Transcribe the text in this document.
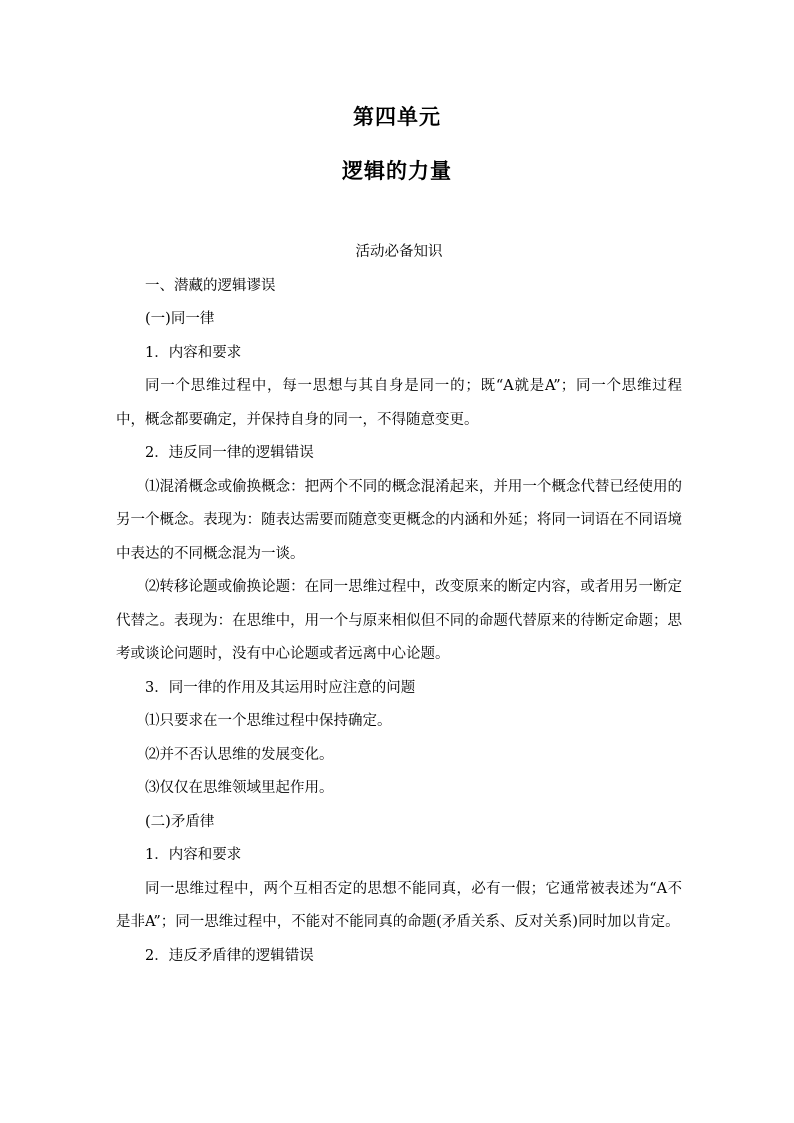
第四单元
逻辑的力量

活动必备知识

一、潜藏的逻辑谬误

(一)同一律

1．内容和要求

同一个思维过程中，每一思想与其自身是同一的；既“A就是A”；同一个思维过程中，概念都要确定，并保持自身的同一，不得随意变更。

2．违反同一律的逻辑错误

⑴混淆概念或偷换概念：把两个不同的概念混淆起来，并用一个概念代替已经使用的另一个概念。表现为：随表达需要而随意变更概念的内涵和外延；将同一词语在不同语境中表达的不同概念混为一谈。

⑵转移论题或偷换论题：在同一思维过程中，改变原来的断定内容，或者用另一断定代替之。表现为：在思维中，用一个与原来相似但不同的命题代替原来的待断定命题；思考或谈论问题时，没有中心论题或者远离中心论题。

3．同一律的作用及其运用时应注意的问题

⑴只要求在一个思维过程中保持确定。

⑵并不否认思维的发展变化。

⑶仅仅在思维领域里起作用。

(二)矛盾律

1．内容和要求

同一思维过程中，两个互相否定的思想不能同真，必有一假；它通常被表述为“A不是非A”；同一思维过程中，不能对不能同真的命题(矛盾关系、反对关系)同时加以肯定。

2．违反矛盾律的逻辑错误
